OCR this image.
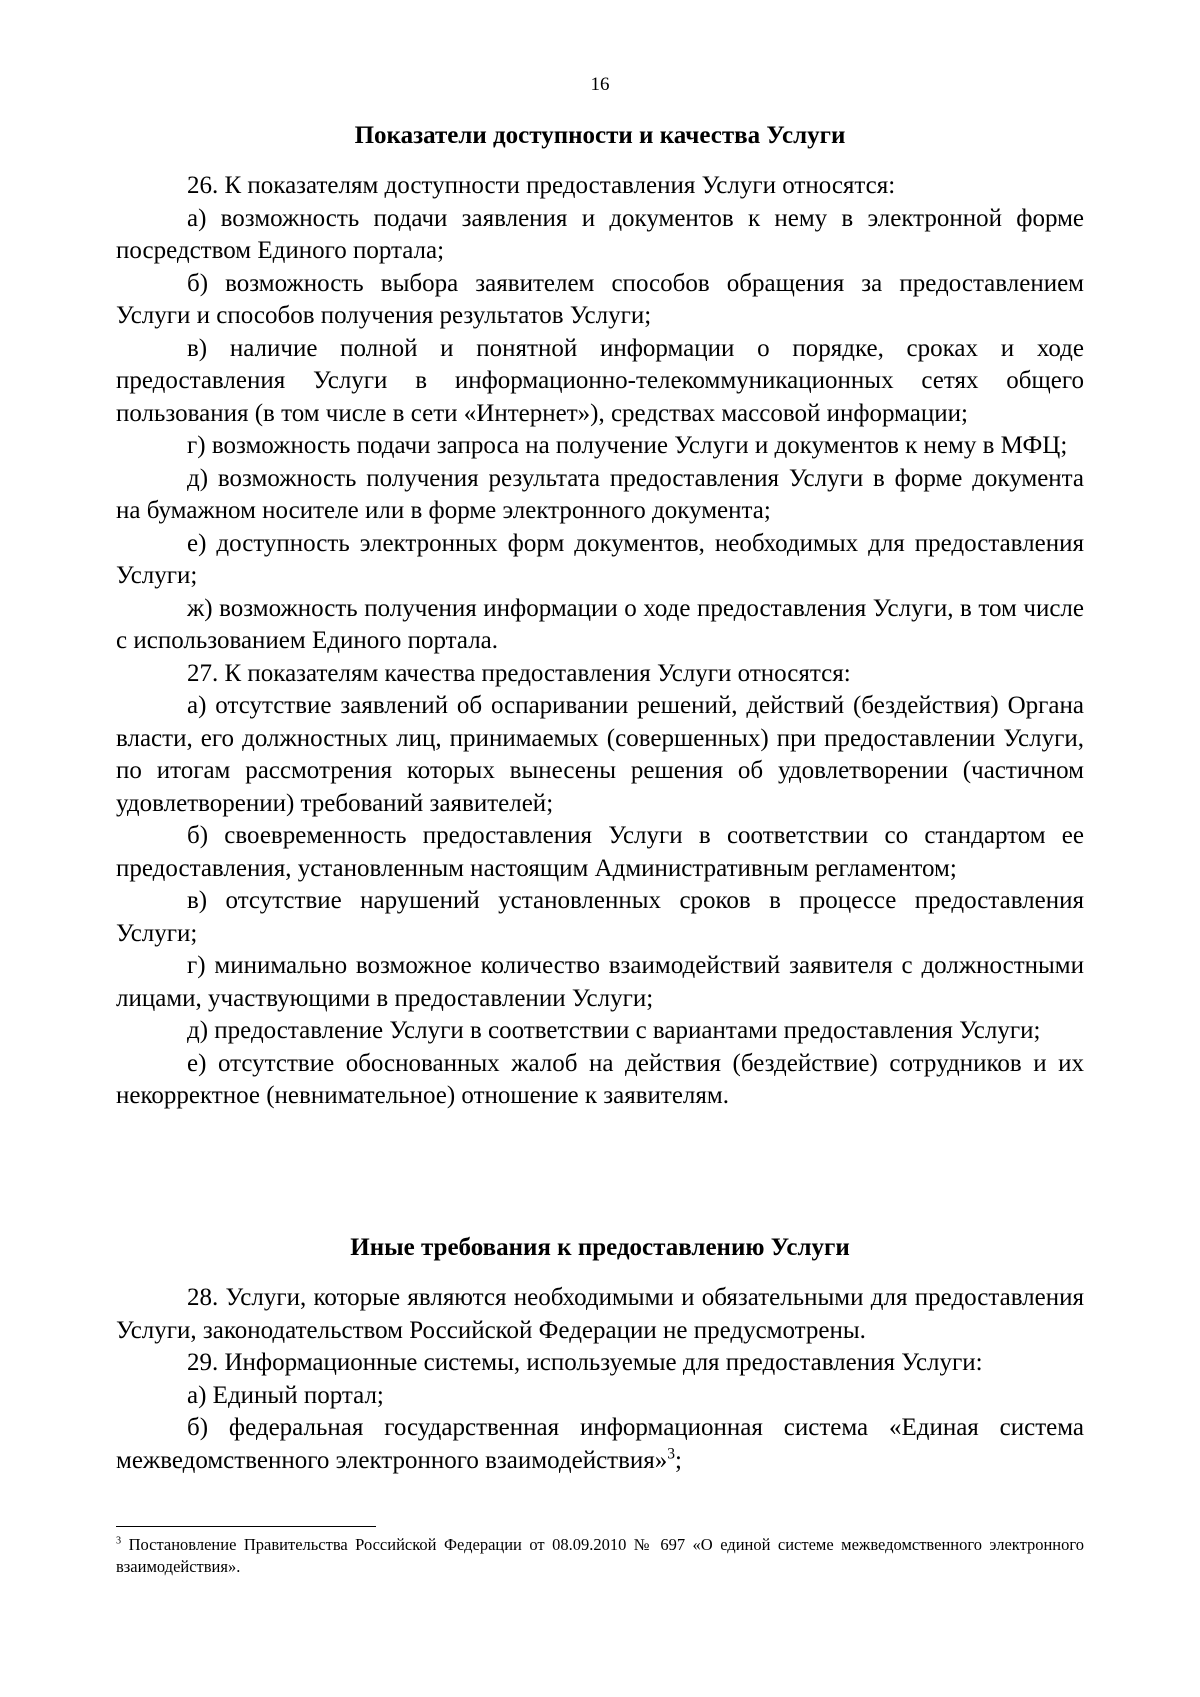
16
Показатели доступности и качества Услуги

26. К показателям доступности предоставления Услуги относятся:

а) возможность подачи заявления и документов к нему в электронной форме посредством Единого портала;

б) возможность выбора заявителем способов обращения за предоставлением Услуги и способов получения результатов Услуги;

в) наличие полной и понятной информации о порядке, сроках и ходе предоставления Услуги в информационно-телекоммуникационных сетях общего пользования (в том числе в сети «Интернет»), средствах массовой информации;

г) возможность подачи запроса на получение Услуги и документов к нему в МФЦ;

д) возможность получения результата предоставления Услуги в форме документа на бумажном носителе или в форме электронного документа;

е) доступность электронных форм документов, необходимых для предоставления Услуги;

ж) возможность получения информации о ходе предоставления Услуги, в том числе с использованием Единого портала.

27. К показателям качества предоставления Услуги относятся:

а) отсутствие заявлений об оспаривании решений, действий (бездействия) Органа власти, его должностных лиц, принимаемых (совершенных) при предоставлении Услуги, по итогам рассмотрения которых вынесены решения об удовлетворении (частичном удовлетворении) требований заявителей;

б) своевременность предоставления Услуги в соответствии со стандартом ее предоставления, установленным настоящим Административным регламентом;

в) отсутствие нарушений установленных сроков в процессе предоставления Услуги;

г) минимально возможное количество взаимодействий заявителя с должностными лицами, участвующими в предоставлении Услуги;

д) предоставление Услуги в соответствии с вариантами предоставления Услуги;

е) отсутствие обоснованных жалоб на действия (бездействие) сотрудников и их некорректное (невнимательное) отношение к заявителям.

Иные требования к предоставлению Услуги

28. Услуги, которые являются необходимыми и обязательными для предоставления Услуги, законодательством Российской Федерации не предусмотрены.

29. Информационные системы, используемые для предоставления Услуги:

а) Единый портал;

б) федеральная государственная информационная система «Единая система межведомственного электронного взаимодействия»$^3$;

$^3$ Постановление Правительства Российской Федерации от 08.09.2010 № 697 «О единой системе межведомственного электронного взаимодействия».
